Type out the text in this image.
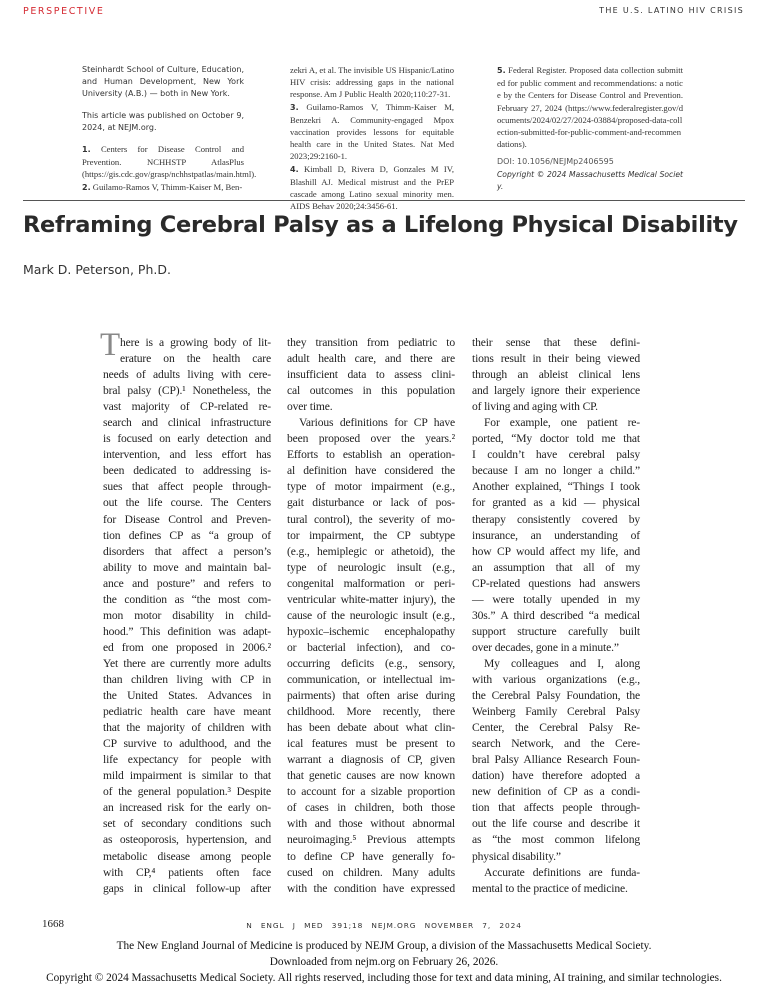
PERSPECTIVE	THE U.S. LATINO HIV CRISIS

Steinhardt School of Culture, Education, and Human Development, New York University (A.B.) — both in New York.

This article was published on October 9, 2024, at NEJM.org.

1. Centers for Disease Control and Prevention. NCHHSTP AtlasPlus (https://gis.cdc.gov/grasp/nchhstpatlas/main.html).
2. Guilamo-Ramos V, Thimm-Kaiser M, Ben-
zekri A, et al. The invisible US Hispanic/Latino HIV crisis: addressing gaps in the national response. Am J Public Health 2020;110:27-31.
3. Guilamo-Ramos V, Thimm-Kaiser M, Benzekri A. Community-engaged Mpox vaccination provides lessons for equitable health care in the United States. Nat Med 2023;29:2160-1.
4. Kimball D, Rivera D, Gonzales M IV, Blashill AJ. Medical mistrust and the PrEP cascade among Latino sexual minority men. AIDS Behav 2020;24:3456-61.
5. Federal Register. Proposed data collection submitted for public comment and recommendations: a notice by the Centers for Disease Control and Prevention. February 27, 2024 (https://www.federalregister.gov/documents/2024/02/27/2024-03884/proposed-data-collection-submitted-for-public-comment-and-recommendations).
DOI: 10.1056/NEJMp2406595
Copyright © 2024 Massachusetts Medical Society.
Reframing Cerebral Palsy as a Lifelong Physical Disability
Mark D. Peterson, Ph.D.
T here is a growing body of lit-
erature on the health care
needs of adults living with cere-
bral palsy (CP).¹ Nonetheless, the
vast majority of CP-related re-
search and clinical infrastructure
is focused on early detection and
intervention, and less effort has
been dedicated to addressing is-
sues that affect people through-
out the life course. The Centers
for Disease Control and Preven-
tion defines CP as “a group of
disorders that affect a person’s
ability to move and maintain bal-
ance and posture” and refers to
the condition as “the most com-
mon motor disability in child-
hood.” This definition was adapt-
ed from one proposed in 2006.²
Yet there are currently more adults
than children living with CP in
the United States. Advances in
pediatric health care have meant
that the majority of children with
CP survive to adulthood, and the
life expectancy for people with
mild impairment is similar to that
of the general population.³ Despite
an increased risk for the early on-
set of secondary conditions such
as osteoporosis, hypertension, and
metabolic disease among people
with CP,⁴ patients often face
gaps in clinical follow-up after
they transition from pediatric to
adult health care, and there are
insufficient data to assess clini-
cal outcomes in this population
over time.
Various definitions for CP have
been proposed over the years.²
Efforts to establish an operation-
al definition have considered the
type of motor impairment (e.g.,
gait disturbance or lack of pos-
tural control), the severity of mo-
tor impairment, the CP subtype
(e.g., hemiplegic or athetoid), the
type of neurologic insult (e.g.,
congenital malformation or peri-
ventricular white-matter injury), the
cause of the neurologic insult (e.g.,
hypoxic–ischemic encephalopathy
or bacterial infection), and co-
occurring deficits (e.g., sensory,
communication, or intellectual im-
pairments) that often arise during
childhood. More recently, there
has been debate about what clin-
ical features must be present to
warrant a diagnosis of CP, given
that genetic causes are now known
to account for a sizable proportion
of cases in children, both those
with and those without abnormal
neuroimaging.⁵ Previous attempts
to define CP have generally fo-
cused on children. Many adults
with the condition have expressed
their sense that these defini-
tions result in their being viewed
through an ableist clinical lens
and largely ignore their experience
of living and aging with CP.
For example, one patient re-
ported, “My doctor told me that
I couldn’t have cerebral palsy
because I am no longer a child.”
Another explained, “Things I took
for granted as a kid — physical
therapy consistently covered by
insurance, an understanding of
how CP would affect my life, and
an assumption that all of my
CP-related questions had answers
— were totally upended in my
30s.” A third described “a medical
support structure carefully built
over decades, gone in a minute.”
My colleagues and I, along
with various organizations (e.g.,
the Cerebral Palsy Foundation, the
Weinberg Family Cerebral Palsy
Center, the Cerebral Palsy Re-
search Network, and the Cere-
bral Palsy Alliance Research Foun-
dation) have therefore adopted a
new definition of CP as a condi-
tion that affects people through-
out the life course and describe it
as “the most common lifelong
physical disability.”
Accurate definitions are funda-
mental to the practice of medicine.
1668	N ENGL J MED 391;18 NEJM.ORG NOVEMBER 7, 2024
The New England Journal of Medicine is produced by NEJM Group, a division of the Massachusetts Medical Society.
Downloaded from nejm.org on February 26, 2026.
Copyright © 2024 Massachusetts Medical Society. All rights reserved, including those for text and data mining, AI training, and similar technologies.
